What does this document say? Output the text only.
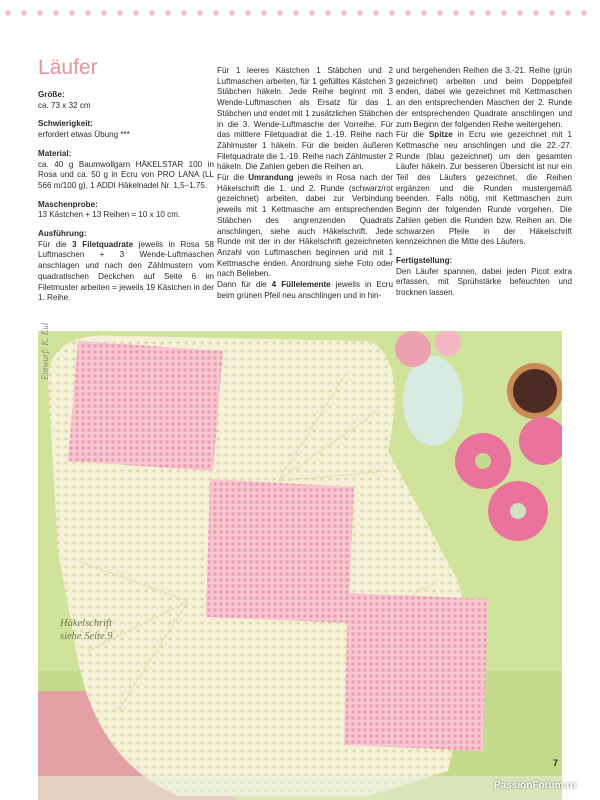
Läufer
Größe:

ca. 73 x 32 cm

Schwierigkeit:

erfordert etwas Übung ***

Material:

ca. 40 g Baumwollgarn HÄKELSTAR 100 in Rosa und ca. 50 g in Ecru von PRO LANA (LL 566 m/100 g), 1 ADDI Häkelnadel Nr. 1,5–1,75.

Maschenprobe:

13 Kästchen + 13 Reihen = 10 x 10 cm.

Ausführung:

Für die 3 Filetquadrate jeweils in Rosa 58 Luftmaschen + 3 Wende-Luftmaschen anschlagen und nach den Zählmustern vom quadratischen Deckchen auf Seite 6 im Filetmuster arbeiten = jeweils 19 Kästchen in der 1. Reihe.

Für 1 leeres Kästchen 1 Stäbchen und 2 Luftmaschen arbeiten, für 1 gefülltes Kästchen 3 Stäbchen häkeln. Jede Reihe beginnt mit 3 Wende-Luftmaschen als Ersatz für das 1. Stäbchen und endet mit 1 zusätzlichen Stäbchen in die 3. Wende-Luftmasche der Vorreihe. Für das mittlere Filetquadrat die 1.-19. Reihe nach Zählmuster 1 häkeln. Für die beiden äußeren Filetquadrate die 1.-19. Reihe nach Zählmuster 2 häkeln. Die Zahlen geben die Reihen an.

Für die Umrandung jeweils in Rosa nach der Häkelschrift die 1. und 2. Runde (schwarz/rot gezeichnet) arbeiten, dabei zur Verbindung jeweils mit 1 Kettmasche am entsprechenden Stäbchen des angrenzenden Quadrats anschlingen, siehe auch Häkelschrift. Jede Runde mit der in der Häkelschrift gezeichneten Anzahl von Luftmaschen beginnen und mit 1 Kettmasche enden. Anordnung siehe Foto oder nach Belieben.

Dann für die 4 Füllelemente jeweils in Ecru beim grünen Pfeil neu anschlingen und in hin-

und hergehenden Reihen die 3.-21. Reihe (grün gezeichnet) arbeiten und beim Doppelpfeil enden, dabei wie gezeichnet mit Kettmaschen an den entsprechenden Maschen der 2. Runde der entsprechenden Quadrate anschlingen und zum Beginn der folgenden Reihe weitergehen.

Für die Spitze in Ecru wie gezeichnet mit 1 Kettmasche neu anschlingen und die 22.-27. Runde (blau gezeichnet) um den gesamten Läufer häkeln. Zur besseren Übersicht ist nur ein Teil des Läufers gezeichnet, die Reihen ergänzen und die Runden mustergemäß beenden. Falls nötig, mit Kettmaschen zum Beginn der folgenden Runde vorgehen. Die Zahlen geben die Runden bzw. Reihen an. Die schwarzen Pfeile in der Häkelschrift kennzeichnen die Mitte des Läufers.

Fertigstellung:

Den Läufer spannen, dabei jeden Picot extra erfassen, mit Sprühstärke befeuchten und trocknen lassen.

Entwurf: K. Eul
Häkelschrift
siehe Seite 9
7
PassionForum.ru
